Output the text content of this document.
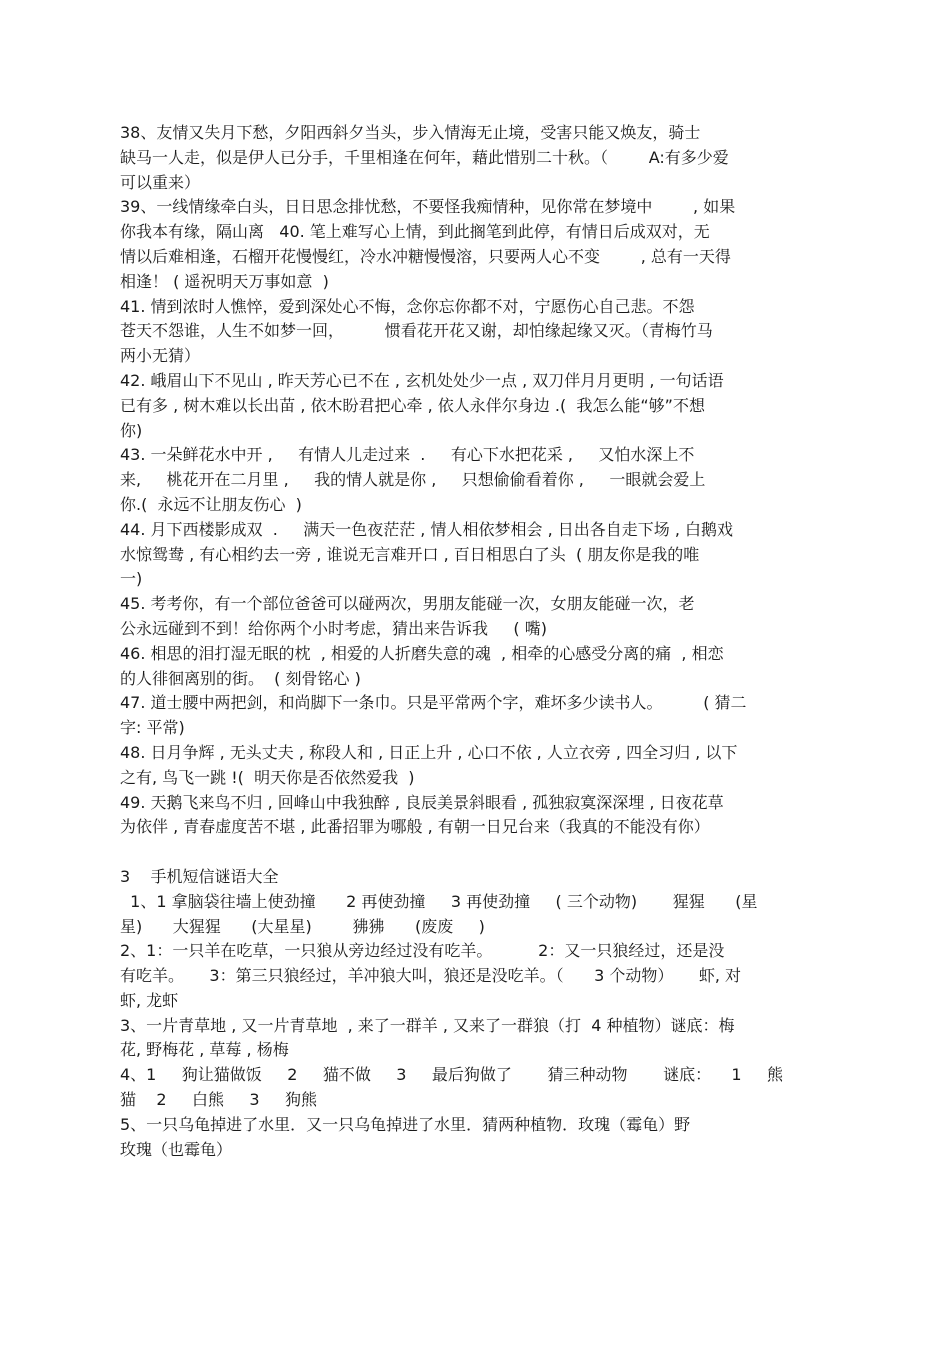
38、友情又失月下愁，夕阳西斜夕当头，步入情海无止境，受害只能又焕友，骑士
缺马一人走，似是伊人已分手，千里相逢在何年，藉此惜别二十秋。（        A:有多少爱
可以重来）
39、一线情缘牵白头，日日思念排忧愁，不要怪我痴情种，见你常在梦境中        , 如果
你我本有缘，隔山离   40. 笔上难写心上情，到此搁笔到此停，有情日后成双对，无
情以后难相逢，石榴开花慢慢红，冷水冲糖慢慢溶，只要两人心不变        , 总有一天得
相逢！ ( 遥祝明天万事如意  )
41. 情到浓时人憔悴，爱到深处心不悔，念你忘你都不对，宁愿伤心自己悲。不怨
苍天不怨谁，人生不如梦一回，        惯看花开花又谢，却怕缘起缘又灭。（青梅竹马
两小无猜）
42. 峨眉山下不见山 , 昨天芳心已不在 , 玄机处处少一点 , 双刀伴月月更明 , 一句话语
已有多 , 树木难以长出苗 , 依木盼君把心牵 , 依人永伴尔身边 .(  我怎么能“够”不想
你)
43. 一朵鲜花水中开 ,     有情人儿走过来  .     有心下水把花采 ,     又怕水深上不
来,     桃花开在二月里 ,     我的情人就是你 ,     只想偷偷看着你 ,     一眼就会爱上
你.(  永远不让朋友伤心  )
44. 月下西楼影成双  .     满天一色夜茫茫 , 情人相依梦相会 , 日出各自走下场 , 白鹅戏
水惊鸳鸯 , 有心相约去一旁 , 谁说无言难开口 , 百日相思白了头  ( 朋友你是我的唯
一)
45. 考考你，有一个部位爸爸可以碰两次，男朋友能碰一次，女朋友能碰一次，老
公永远碰到不到！给你两个小时考虑，猜出来告诉我     ( 嘴)
46. 相思的泪打湿无眠的枕  , 相爱的人折磨失意的魂  , 相牵的心感受分离的痛  , 相恋
的人徘徊离别的街。  ( 刻骨铭心 )
47. 道士腰中两把剑，和尚脚下一条巾。只是平常两个字，难坏多少读书人。        ( 猜二
字: 平常)
48. 日月争辉 , 无头丈夫 , 称段人和 , 日正上升 , 心口不依 , 人立衣旁 , 四全习归 , 以下
之有, 鸟飞一跳 !(  明天你是否依然爱我  )
49. 天鹅飞来鸟不归 , 回峰山中我独醉 , 良辰美景斜眼看 , 孤独寂寞深深埋 , 日夜花草
为依伴 , 青春虚度苦不堪 , 此番招罪为哪般 , 有朝一日兄台来（我真的不能没有你）
3    手机短信谜语大全
1、1 拿脑袋往墙上使劲撞      2 再使劲撞     3 再使劲撞     ( 三个动物)       猩猩      (星
星)      大猩猩      (大星星)        狒狒      (废废     )
2、1：一只羊在吃草，一只狼从旁边经过没有吃羊。         2：又一只狼经过，还是没
有吃羊。     3：第三只狼经过，羊冲狼大叫，狼还是没吃羊。（      3 个动物）     虾, 对
虾, 龙虾
3、一片青草地 , 又一片青草地  , 来了一群羊 , 又来了一群狼（打  4 种植物）谜底：梅
花, 野梅花 , 草莓 , 杨梅
4、1     狗让猫做饭     2     猫不做     3     最后狗做了       猜三种动物       谜底：    1     熊
猫    2     白熊     3     狗熊
5、一只乌龟掉进了水里．又一只乌龟掉进了水里．猜两种植物．玫瑰（霉龟）野
玫瑰（也霉龟）
